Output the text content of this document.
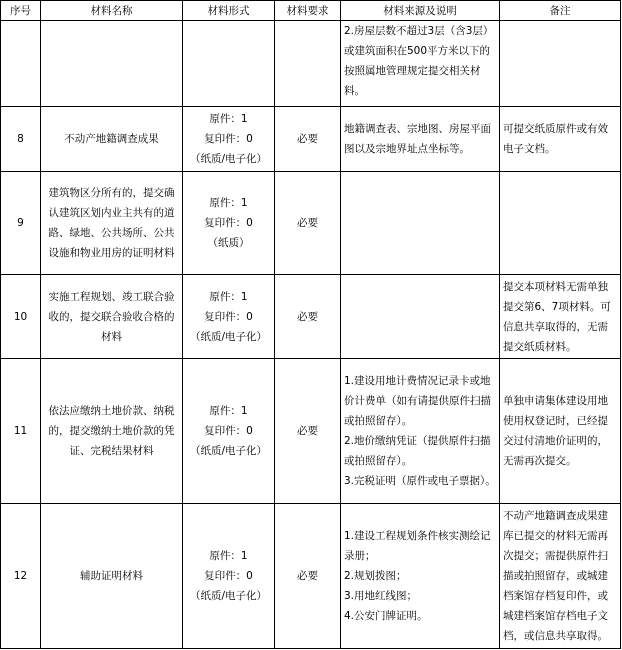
序号	材料名称	材料形式	材料要求	材料来源及说明	备注

				2.房屋层数不超过3层（含3层）或建筑面积在500平方米以下的按照属地管理规定提交相关材料。	

8	不动产地籍调查成果	原件：1
复印件：0
（纸质/电子化）	必要	地籍调查表、宗地图、房屋平面图以及宗地界址点坐标等。	可提交纸质原件或有效电子文档。

9	建筑物区分所有的，提交确认建筑区划内业主共有的道路、绿地、公共场所、公共设施和物业用房的证明材料	原件：1
复印件：0
（纸质）	必要		
10	实施工程规划、竣工联合验收的，提交联合验收合格的材料	原件：1
复印件：0
（纸质/电子化）	必要		提交本项材料无需单独提交第6、7项材料。可信息共享取得的，无需提交纸质材料。

11	依法应缴纳土地价款、纳税的，提交缴纳土地价款的凭证、完税结果材料	原件：1
复印件：0
（纸质/电子化）	必要	1.建设用地计费情况记录卡或地价计费单（如有请提供原件扫描或拍照留存）。
2.地价缴纳凭证（提供原件扫描或拍照留存）。
3.完税证明（原件或电子票据）。	单独申请集体建设用地使用权登记时，已经提交过付清地价证明的，无需再次提交。

12	辅助证明材料	原件：1
复印件：0
（纸质/电子化）	必要	1.建设工程规划条件核实测绘记录册；
2.规划拨图；
3.用地红线图；
4.公安门牌证明。	不动产地籍调查成果建库已提交的材料无需再次提交；需提供原件扫描或拍照留存，或城建档案馆存档复印件，或城建档案馆存档电子文档，或信息共享取得。
